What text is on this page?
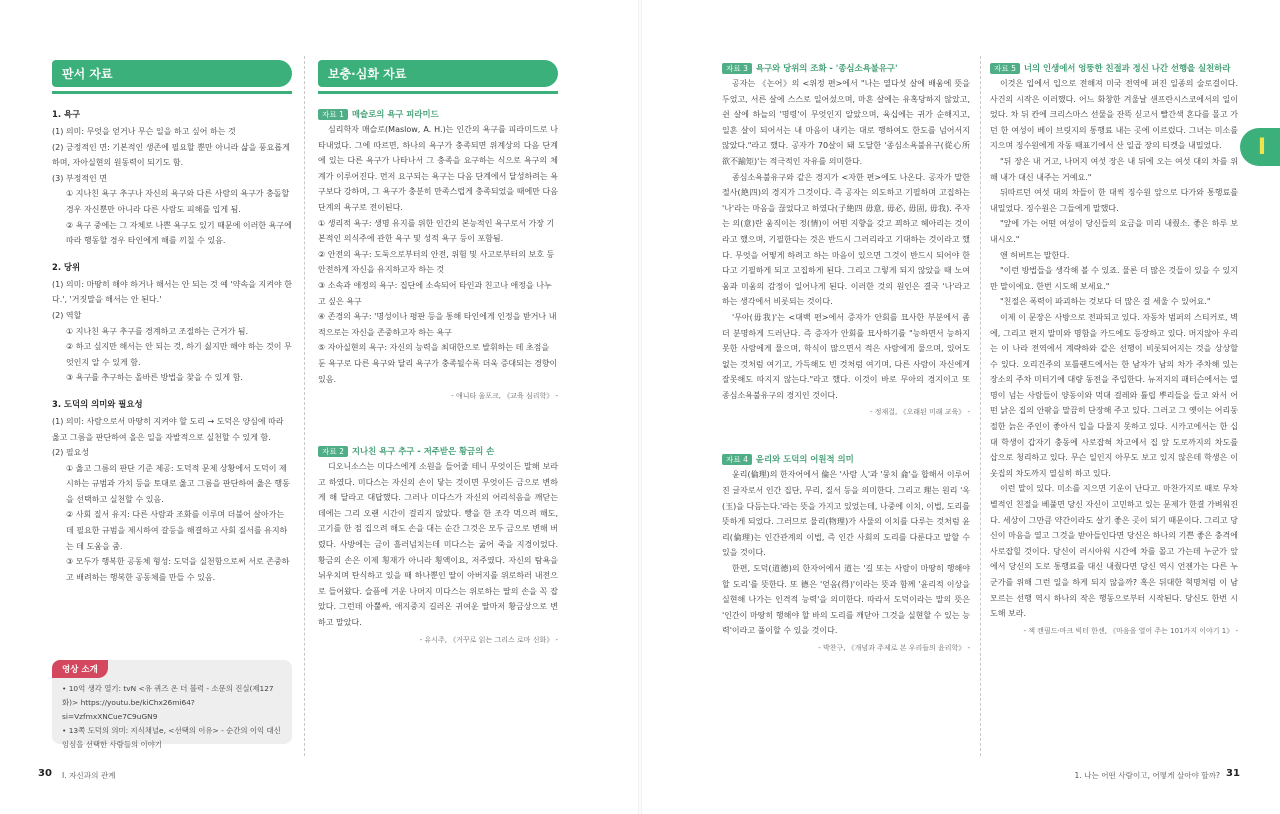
판서 자료
1. 욕구
(1) 의미: 무엇을 얻거나 무슨 일을 하고 싶어 하는 것
(2) 긍정적인 면: 기본적인 생존에 필요할 뿐만 아니라 삶을 풍요롭게 하며, 자아실현의 원동력이 되기도 함.
(3) 부정적인 면
① 지나친 욕구 추구나 자신의 욕구와 다른 사람의 욕구가 충돌할 경우 자신뿐만 아니라 다른 사람도 피해를 입게 됨.
② 욕구 중에는 그 자체로 나쁜 욕구도 있기 때문에 이러한 욕구에 따라 행동할 경우 타인에게 해를 끼칠 수 있음.
2. 당위
(1) 의미: 마땅히 해야 하거나 해서는 안 되는 것 예 '약속을 지켜야 한다.', '거짓말을 해서는 안 된다.'
(2) 역할
① 지나친 욕구 추구를 경계하고 조절하는 근거가 됨.
② 하고 싶지만 해서는 안 되는 것, 하기 싫지만 해야 하는 것이 무엇인지 알 수 있게 함.
③ 욕구를 추구하는 올바른 방법을 찾을 수 있게 함.
3. 도덕의 의미와 필요성
(1) 의미: 사람으로서 마땅히 지켜야 할 도리 → 도덕은 양심에 따라 옳고 그름을 판단하여 올은 일을 자발적으로 실천할 수 있게 함.
(2) 필요성
① 옳고 그름의 판단 기준 제공: 도덕적 문제 상황에서 도덕이 제시하는 규범과 가치 등을 토대로 옳고 그름을 판단하여 옳은 행동을 선택하고 실천할 수 있음.
② 사회 질서 유지: 다른 사람과 조화를 이루며 더불어 살아가는 데 필요한 규범을 제시하여 갈등을 해결하고 사회 질서를 유지하는 데 도움을 줌.
③ 모두가 행복한 공동체 형성: 도덕을 실천함으로써 서로 존중하고 배려하는 행복한 공동체를 만들 수 있음.
보충·심화 자료
자료 1 매슬로의 욕구 피라미드
심리학자 매슬로(Maslow, A. H.)는 인간의 욕구를 피라미드로 나타내었다. 그에 따르면, 하나의 욕구가 충족되면 위계상의 다음 단계에 있는 다른 욕구가 나타나서 그 충족을 요구하는 식으로 욕구의 체계가 이루어진다. 먼저 요구되는 욕구는 다음 단계에서 달성하려는 욕구보다 강하며, 그 욕구가 충분히 만족스럽게 충족되었을 때에만 다음 단계의 욕구로 전이된다.
① 생리적 욕구: 생명 유지를 위한 인간의 본능적인 욕구로서 가장 기본적인 의식주에 관한 욕구 및 성적 욕구 등이 포함됨.
② 안전의 욕구: 도둑으로부터의 안전, 위험 및 사고로부터의 보호 등 안전하게 자신을 유지하고자 하는 것
③ 소속과 애정의 욕구: 집단에 소속되어 타인과 친고나 애정을 나누고 싶은 욕구
④ 존경의 욕구: '명성이나 평판 등을 통해 타인에게 인정을 받거나 내적으로는 자신을 존중하고자 하는 욕구
⑤ 자아실현의 욕구: 자신의 능력을 최대한으로 발휘하는 데 초점을 둔 욕구로 다른 욕구와 달리 욕구가 충족될수록 더욱 증대되는 경향이 있음.
- 애니타 울포크, 《교육 심리학》 -
자료 2 지나친 욕구 추구 - 저주받은 황금의 손
디오니소스는 미다스에게 소원을 들어줄 테니 무엇이든 말해 보라고 하였다. 미다스는 자신의 손이 닿는 것이면 무엇이든 금으로 변하게 해 달라고 대답했다. 그러나 미다스가 자신의 어리석음을 깨닫는 데에는 그리 오랜 시간이 걸리지 않았다. 빵을 한 조각 먹으려 해도, 고기를 한 점 집으려 해도 손을 대는 순간 그것은 모두 금으로 변해 버렸다. 사방에는 금이 흘러넘치는데 미다스는 굶어 죽을 지경이었다. 황금의 손은 이제 횡재가 아니라 횡액이요, 저주였다. 자신의 탐욕을 뉘우치며 탄식하고 있을 때 하나뿐인 딸이 아버지를 위로하러 내전으로 들어왔다. 슬픔에 겨운 나머지 미다스는 위로하는 딸의 손을 꼭 잡았다. 그런데 아뿔싸, 애지중지 길러온 귀여운 딸마저 황금상으로 변하고 말았다.
- 유시주, 《거꾸로 읽는 그리스 로마 신화》 -
영상 소개
• 10억 생각 열기: tvN <유 퀴즈 온 더 블럭 - 소문의 진실(제127화)> https://youtu.be/kiChx26mi64?si=VzfmxXNCue7C9uGN9
• 13쪽 도덕의 의미: 지식채널e, <선택의 이유> - 순간의 이익 대신 임심을 선택한 사람들의 이야기
자료 3 욕구와 당위의 조화 - '종심소욕불유구'
공자는 《논어》의 <위정 편>에서 "나는 열다섯 살에 배움에 뜻을 두었고, 서른 살에 스스로 일어섰으며, 마흔 살에는 유혹당하지 않았고, 쉰 살에 하늘의 '명령'이 무엇인지 알았으며, 육십에는 귀가 순해지고, 일흔 살이 되어서는 내 마음이 내키는 대로 행하여도 한도를 넘어서지 않았다."라고 했다. 공자가 70살이 돼 도달한 '종심소욕불유구(從心所欲不踰矩)'는 적극적인 자유를 의미한다.
종심소욕불유구와 같은 경지가 <자한 편>에도 나온다. 공자가 말한 절사(絶四)의 경지가 그것이다. 즉 공자는 의도하고 기필하며 고집하는 '나'라는 마음을 끊었다고 하였다(子絶四 毋意, 毋必, 毋固, 毋我). 주자는 의(意)란 움직이는 정(情)이 어떤 지향을 갖고 꾀하고 헤아리는 것이라고 했으며, 기필한다는 것은 반드시 그러리라고 기대하는 것이라고 했다. 무엇을 어떻게 하려고 하는 마음이 있으면 그것이 반드시 되어야 한다고 기필하게 되고 고집하게 된다. 그리고 그렇게 되지 않았을 때 노여움과 미움의 감정이 일어나게 된다. 이러한 것의 원인은 결국 '나'라고 하는 생각에서 비롯되는 것이다.
'무아(毋我)'는 <대백 편>에서 증자가 안회를 묘사한 부분에서 좀 더 분명하게 드러난다. 즉 증자가 안회를 묘사하기를 "능하면서 능하지 못한 사람에게 물으며, 학식이 많으면서 적은 사람에게 물으며, 있어도 없는 것처럼 여기고, 가득해도 빈 것처럼 여기며, 다른 사람이 자신에게 잘못해도 따지지 않는다."라고 했다. 이것이 바로 무아의 경지이고 또 종심소욕불유구의 경지인 것이다.
- 정재걸, 《오래된 미래 교육》 -
자료 4 윤리와 도덕의 어원적 의미
윤리(倫理)의 한자어에서 倫은 '사람 人'과 '뭉치 侖'을 합해서 이루어진 글자로서 인간 집단, 무리, 질서 등을 의미한다. 그리고 理는 원리 '옥(玉)을 다듬는다.'라는 뜻을 가지고 있었는데, 나중에 이치, 이법, 도리를 뜻하게 되었다. 그러므로 물리(物理)가 사물의 이치를 다루는 것처럼 윤리(倫理)는 인간관계의 이법, 즉 인간 사회의 도리를 다룬다고 말할 수 있을 것이다.
한편, 도덕(道德)의 한자어에서 道는 '길 또는 사람이 마땅히 행해야 할 도리'를 뜻한다. 또 德은 '얻음(得)'이라는 뜻과 함께 '윤리적 이상을 실현해 나가는 인격적 능력'을 의미한다. 따라서 도덕이라는 말의 뜻은 '인간이 마땅히 행해야 할 바의 도리를 깨닫아 그것을 실현할 수 있는 능력'이라고 풀이할 수 있을 것이다.
- 박찬구, 《개념과 주제로 본 우리들의 윤리학》 -
자료 5 너의 인생에서 엉뚱한 친절과 정신 나간 선행을 실천하라
이것은 입에서 입으로 전해져 미국 전역에 퍼진 일종의 술로걸이다. 사건의 시작은 이러했다. 어느 화창한 겨울날 샌프란시스코에서의 일이었다. 차 뒤 칸에 크리스마스 선물을 잔뜩 싣고서 빨간색 혼다를 몰고 가던 한 여성이 베이 브릿지의 통행료 내는 곳에 이르렀다. 그녀는 미소를 지으며 징수원에게 자동 때표기에서 산 일곱 장의 티켓을 내밀었다.
"뒤 장은 내 거고, 나머지 여섯 장은 내 뒤에 오는 여섯 대의 차를 위해 내가 대신 내주는 거예요."
뒤따르던 여섯 대의 차들이 한 대씩 징수원 앞으로 다가와 통행료를 내밀었다. 징수원은 그들에게 말했다.
"앞에 가는 어떤 여성이 당신들의 요금을 미리 내줬소. 좋은 하루 보내시오."
앤 허버트는 말한다.
"이런 방법들을 생각해 볼 수 있죠. 물론 더 많은 것들이 있을 수 있지만 말이에요. 한번 시도해 보세요."
"친절은 폭력이 파괴하는 것보다 더 많은 걸 세울 수 있어요."
이제 이 문장은 사방으로 전파되고 있다. 자동차 범퍼의 스티커로, 벽에, 그리고 편지 말미와 명함을 카드에도 등장하고 있다. 머지않아 우리는 이 나라 전역에서 계략하와 같은 선행이 비롯되어지는 것을 상상할 수 있다. 오리건주의 포틀랜드에서는 한 남자가 남의 차가 주차해 있는 장소의 주차 미터기에 대량 동전을 주입한다. 뉴저지의 패터슨에서는 열 명이 넘는 사람들이 양동이와 먹대 걸레와 튤립 뿌리들을 들고 와서 어떤 낡은 집의 안팎을 말끔히 단장해 주고 있다. 그러고 그 옛이는 어리둥절한 늙은 주인이 좋아서 입을 다물지 못하고 있다. 시카고에서는 한 십 대 학생이 갑자기 충동에 사로잡혀 차고에서 집 앞 도로까지의 차도를 삽으로 청리하고 있다. 무슨 일인지 아무도 보고 있지 않은데 학생은 이웃집의 차도까지 열심히 하고 있다.
이런 말이 있다. 미소를 지으면 기운이 난다고. 마찬가지로 때로 무차별적인 친절을 베풀면 당신 자신이 고민하고 있는 문제가 한결 가벼워진다. 세상이 그만큼 약간이라도 살기 좋은 곳이 되기 때문이다. 그리고 당신이 마음을 열고 그것을 받아들인다면 당신은 하나의 기쁜 좋은 충격에 사로잡힐 것이다. 당신이 러시아워 시간에 차를 몰고 가는데 누군가 앞에서 당신의 도로 통행료를 대신 내줬다면 당신 역시 언젠가는 다른 누군가를 위해 그런 일을 하게 되지 않을까? 혹은 뒤대한 혁명처럼 이 남모르는 선행 역시 하나의 작은 행동으로부터 시작된다. 당신도 한번 시도해 보라.
- 잭 캔필드·마크 빅터 한센, 《마음을 열어 주는 101가지 이야기 1》 -
I
30 I. 자신과의 관계	1. 나는 어떤 사람이고, 어떻게 살아야 할까? 31
